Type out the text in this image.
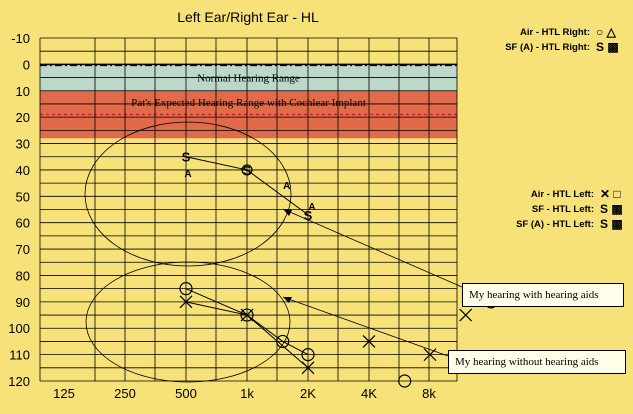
Normal Hearing Range
Pat's Expected Hearing Range with Cochlear Implant
-10
0
10
20
30
40
50
60
70
80
90
100
110
120
125	250	500	1k	2K	4K	8k
Left Ear/Right Ear - HL
S
S
S
A
A
A
Air - HTL Right: ○ △
SF (A) - HTL Right: S ▩
Air - HTL Left: ✕ □
SF - HTL Left: S ▩
SF (A) - HTL Left: S ▩
My hearing with hearing aids
My hearing without hearing aids
